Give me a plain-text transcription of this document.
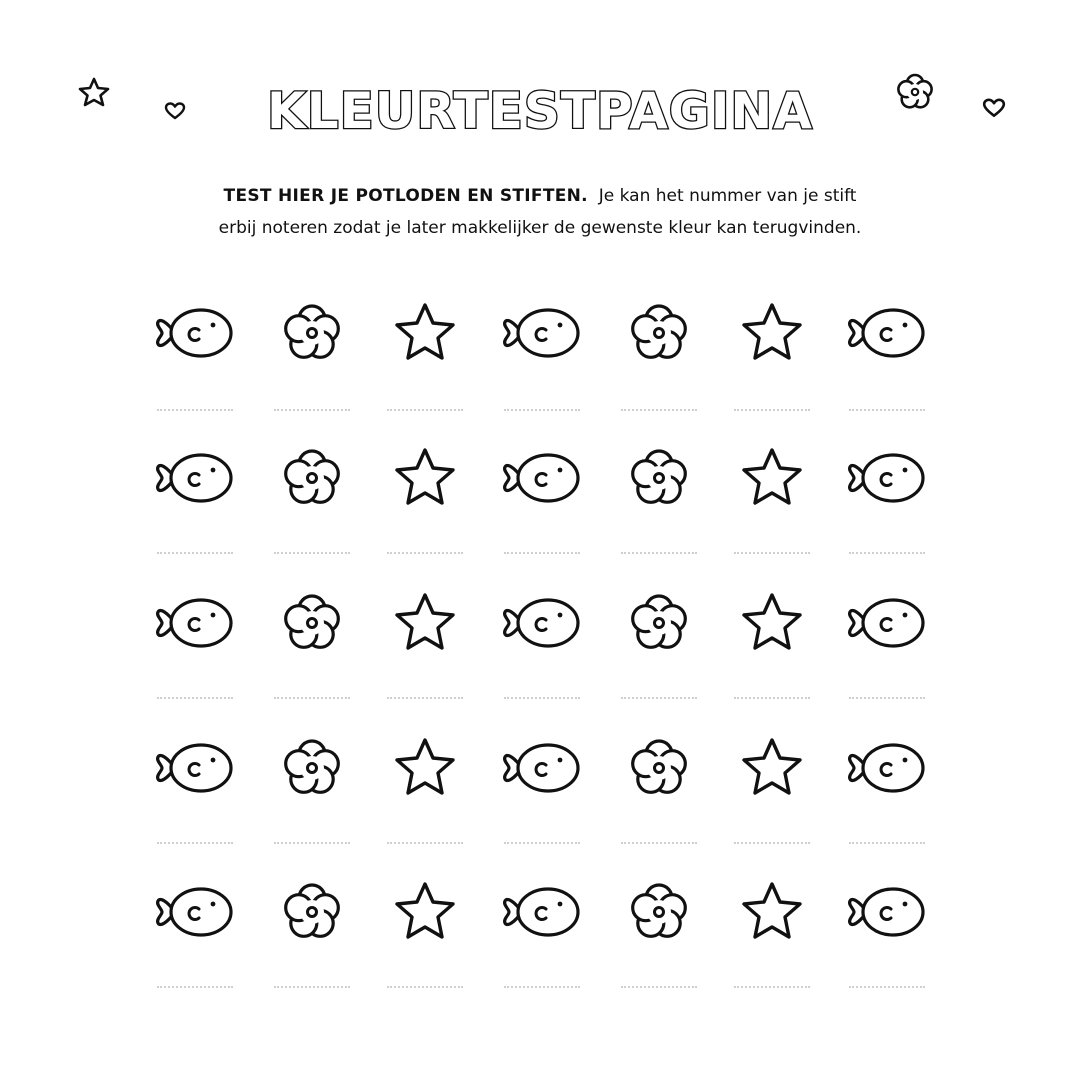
KLEURTESTPAGINA
TEST HIER JE POTLODEN EN STIFTEN. Je kan het nummer van je stift
erbij noteren zodat je later makkelijker de gewenste kleur kan terugvinden.
